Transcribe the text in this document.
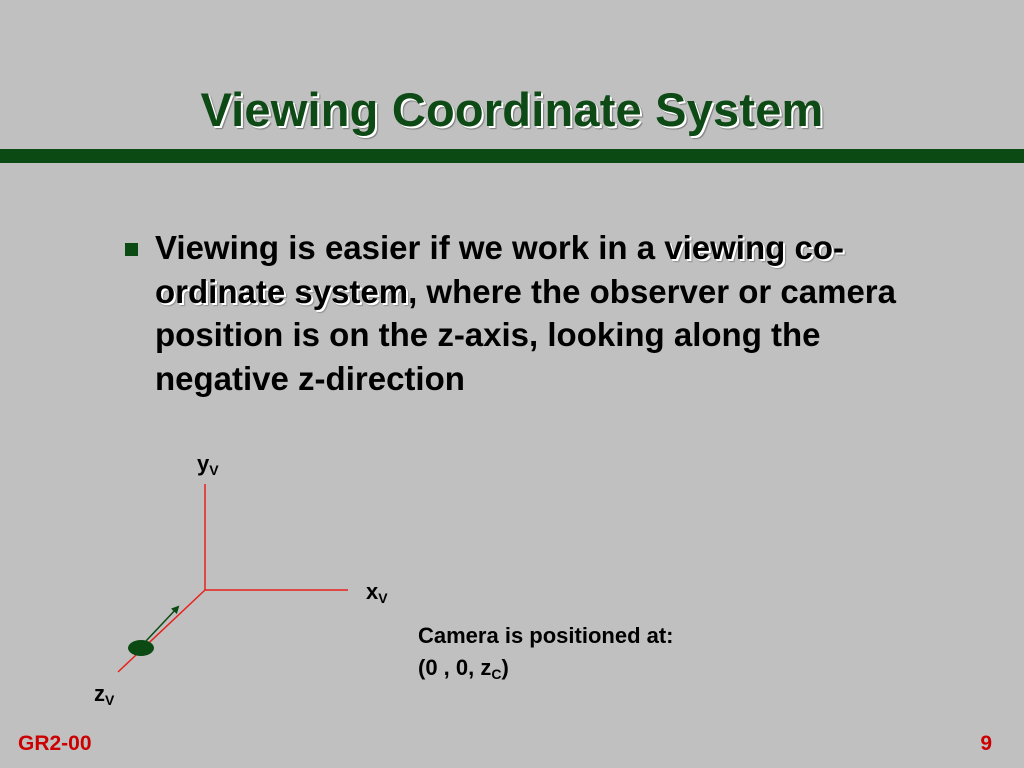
Viewing Coordinate System

Viewing is easier if we work in a viewing co-ordinate system, where the observer or camera position is on the z-axis, looking along the negative z-direction

$y_V$
$x_V$
$z_V$
Camera is positioned at:
(0 , 0, $z_C$)
GR2-00	9
